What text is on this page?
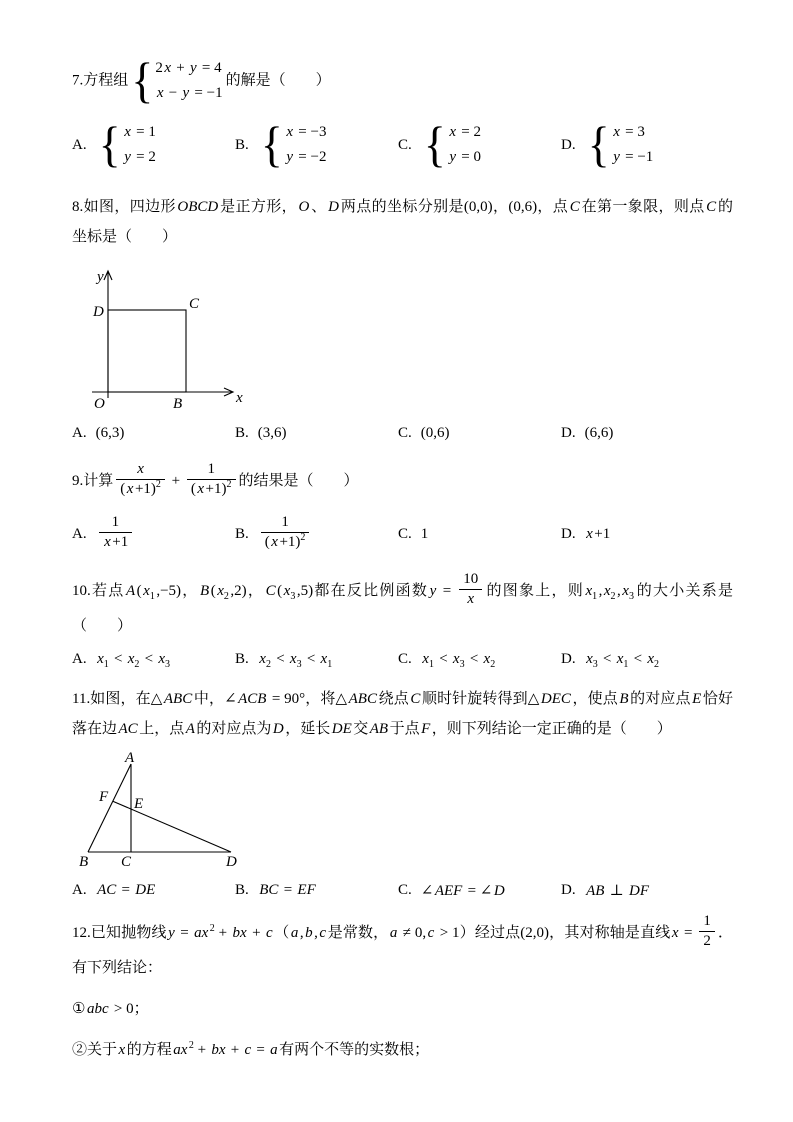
7.方程组 { 2 x + y = 4
x − y = −1
的解是（　　）
A. { x = 1
y = 2
B. { x = −3
y = −2
C. { x = 2
y = 0
D. { x = 3
y = −1
8.如图，四边形 OBCD 是正方形， O 、 D 两点的坐标分别是(0,0)，(0,6)，点 C 在第一象限，则点 C 的坐标是（　　）
y
D	C
O	B	x
A. (6,3)	B. (3,6)	C. (0,6)	D. (6,6)
9.计算 $\frac{x}{( x +1)^2} + \frac{1}{( x +1)^2}$ 的结果是（　　）
A. $\frac{1}{x +1}$	B. $\frac{1}{( x +1)^2}$	C. 1	D. x +1
10.若点 A ( $x_1$ ,−5)， B ( $x_2$ ,2)， C ( $x_3$ ,5)都在反比例函数 $y = \frac{10}{x}$ 的图象上，则 $x_1$ , $x_2$ , $x_3$ 的大小关系是（　　）
A. $x_1 < x_2 < x_3$	B. $x_2 < x_3 < x_1$	C. $x_1 < x_3 < x_2$	D. $x_3 < x_1 < x_2$
11.如图，在△ ABC 中，∠ ACB = 90°，将△ ABC 绕点 C 顺时针旋转得到△ DEC ，使点 B 的对应点 E 恰好落在边 AC 上，点 A 的对应点为 D ，延长 DE 交 AB 于点 F ，则下列结论一定正确的是（　　）
A
B C	D
E
F
A. AC = DE	B. BC = EF	C. ∠ AEF = ∠ D	D. AB ⊥ DF
12.已知抛物线 y = ax $^2$ + bx + c （ a , b , c 是常数， a ≠ 0, c > 1）经过点(2,0)，其对称轴是直线 $x = \frac{1}{2}$ ．有下列结论：
① abc > 0；
②关于 x 的方程 ax $^2$ + bx + c = a 有两个不等的实数根；
